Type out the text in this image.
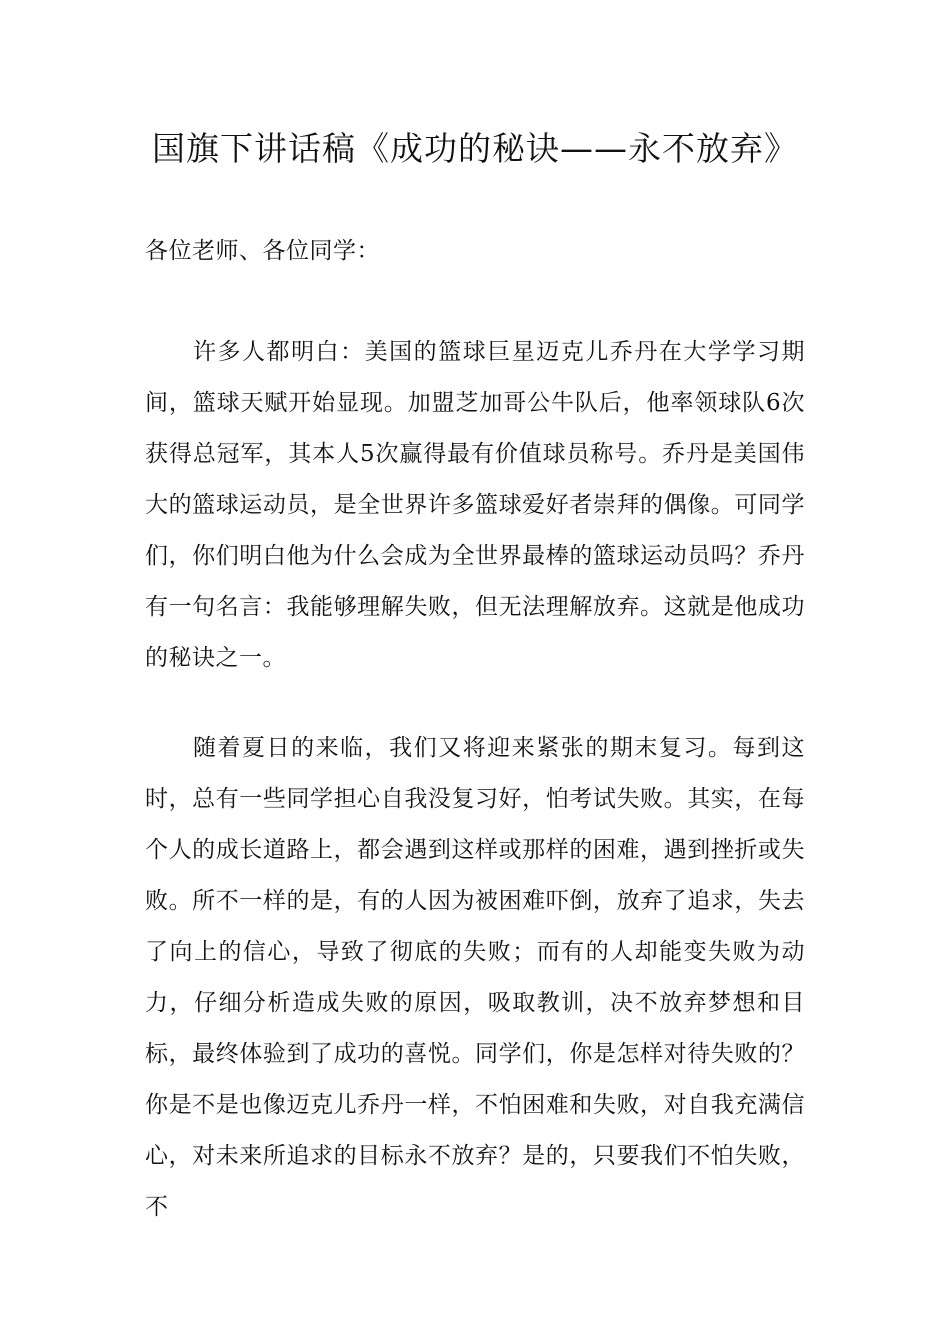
国旗下讲话稿《成功的秘诀——永不放弃》

各位老师、各位同学：

许多人都明白：美国的篮球巨星迈克儿乔丹在大学学习期间，篮球天赋开始显现。加盟芝加哥公牛队后，他率领球队6次获得总冠军，其本人5次赢得最有价值球员称号。乔丹是美国伟大的篮球运动员，是全世界许多篮球爱好者崇拜的偶像。可同学们，你们明白他为什么会成为全世界最棒的篮球运动员吗？乔丹有一句名言：我能够理解失败，但无法理解放弃。这就是他成功的秘诀之一。

随着夏日的来临，我们又将迎来紧张的期末复习。每到这时，总有一些同学担心自我没复习好，怕考试失败。其实，在每个人的成长道路上，都会遇到这样或那样的困难，遇到挫折或失败。所不一样的是，有的人因为被困难吓倒，放弃了追求，失去了向上的信心，导致了彻底的失败；而有的人却能变失败为动力，仔细分析造成失败的原因，吸取教训，决不放弃梦想和目标，最终体验到了成功的喜悦。同学们，你是怎样对待失败的？你是不是也像迈克儿乔丹一样，不怕困难和失败，对自我充满信心，对未来所追求的目标永不放弃？是的，只要我们不怕失败，不
